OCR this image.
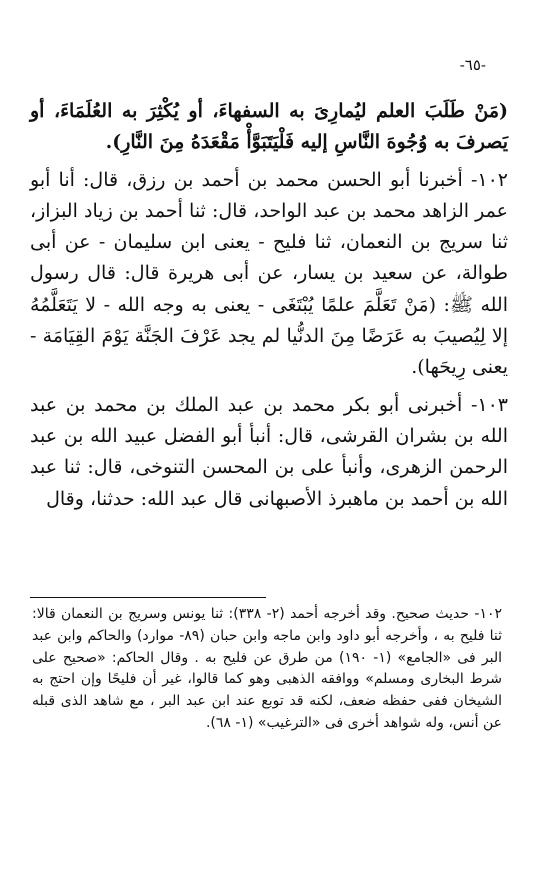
-٦٥-

(مَنْ طَلَبَ العلم ليُمارِىَ به السفهاءَ، أو يُكْثِرَ به العُلَمَاءَ، أو يَصرفَ به وُجُوهَ النَّاسِ إليه فَلْيَتَبَوَّأْ مَقْعَدَهُ مِنَ النَّارِ).

١٠٢- أخبرنا أبو الحسن محمد بن أحمد بن رزق، قال: أنا أبو عمر الزاهد محمد بن عبد الواحد، قال: ثنا أحمد بن زياد البزاز، ثنا سريج بن النعمان، ثنا فليح - يعنى ابن سليمان - عن أبى طوالة، عن سعيد بن يسار، عن أبى هريرة قال: قال رسول الله ﷺ: (مَنْ تَعَلَّمَ علمًا يُبْتَغَى - يعنى به وجه الله - لا يَتَعَلَّمُهُ إلا لِيُصيبَ به عَرَضًا مِنَ الدنُّيا لم يجد عَرْفَ الجَنَّة يَوْمَ القِيَامَة - يعنى رِيحَها).

١٠٣- أخبرنى أبو بكر محمد بن عبد الملك بن محمد بن عبد الله بن بشران القرشى، قال: أنبأ أبو الفضل عبيد الله بن عبد الرحمن الزهرى، وأنبأ على بن المحسن التنوخى، قال: ثنا عبد الله بن أحمد بن ماهبرذ الأصبهانى قال عبد الله: حدثنا، وقال

١٠٢- حديث صحيح. وقد أخرجه أحمد (٢- ٣٣٨): ثنا يونس وسريج بن النعمان قالا: ثنا فليح به ، وأخرجه أبو داود وابن ماجه وابن حبان (٨٩- موارد) والحاكم وابن عبد البر فى «الجامع» (١- ١٩٠) من طرق عن فليح به . وقال الحاكم: «صحيح على شرط البخارى ومسلم» ووافقه الذهبى وهو كما قالوا، غير أن فليحًا وإن احتج به الشيخان ففى حفظه ضعف، لكنه قد توبع عند ابن عبد البر ، مع شاهد الذى قبله عن أنس، وله شواهد أخرى فى «الترغيب» (١- ٦٨).
